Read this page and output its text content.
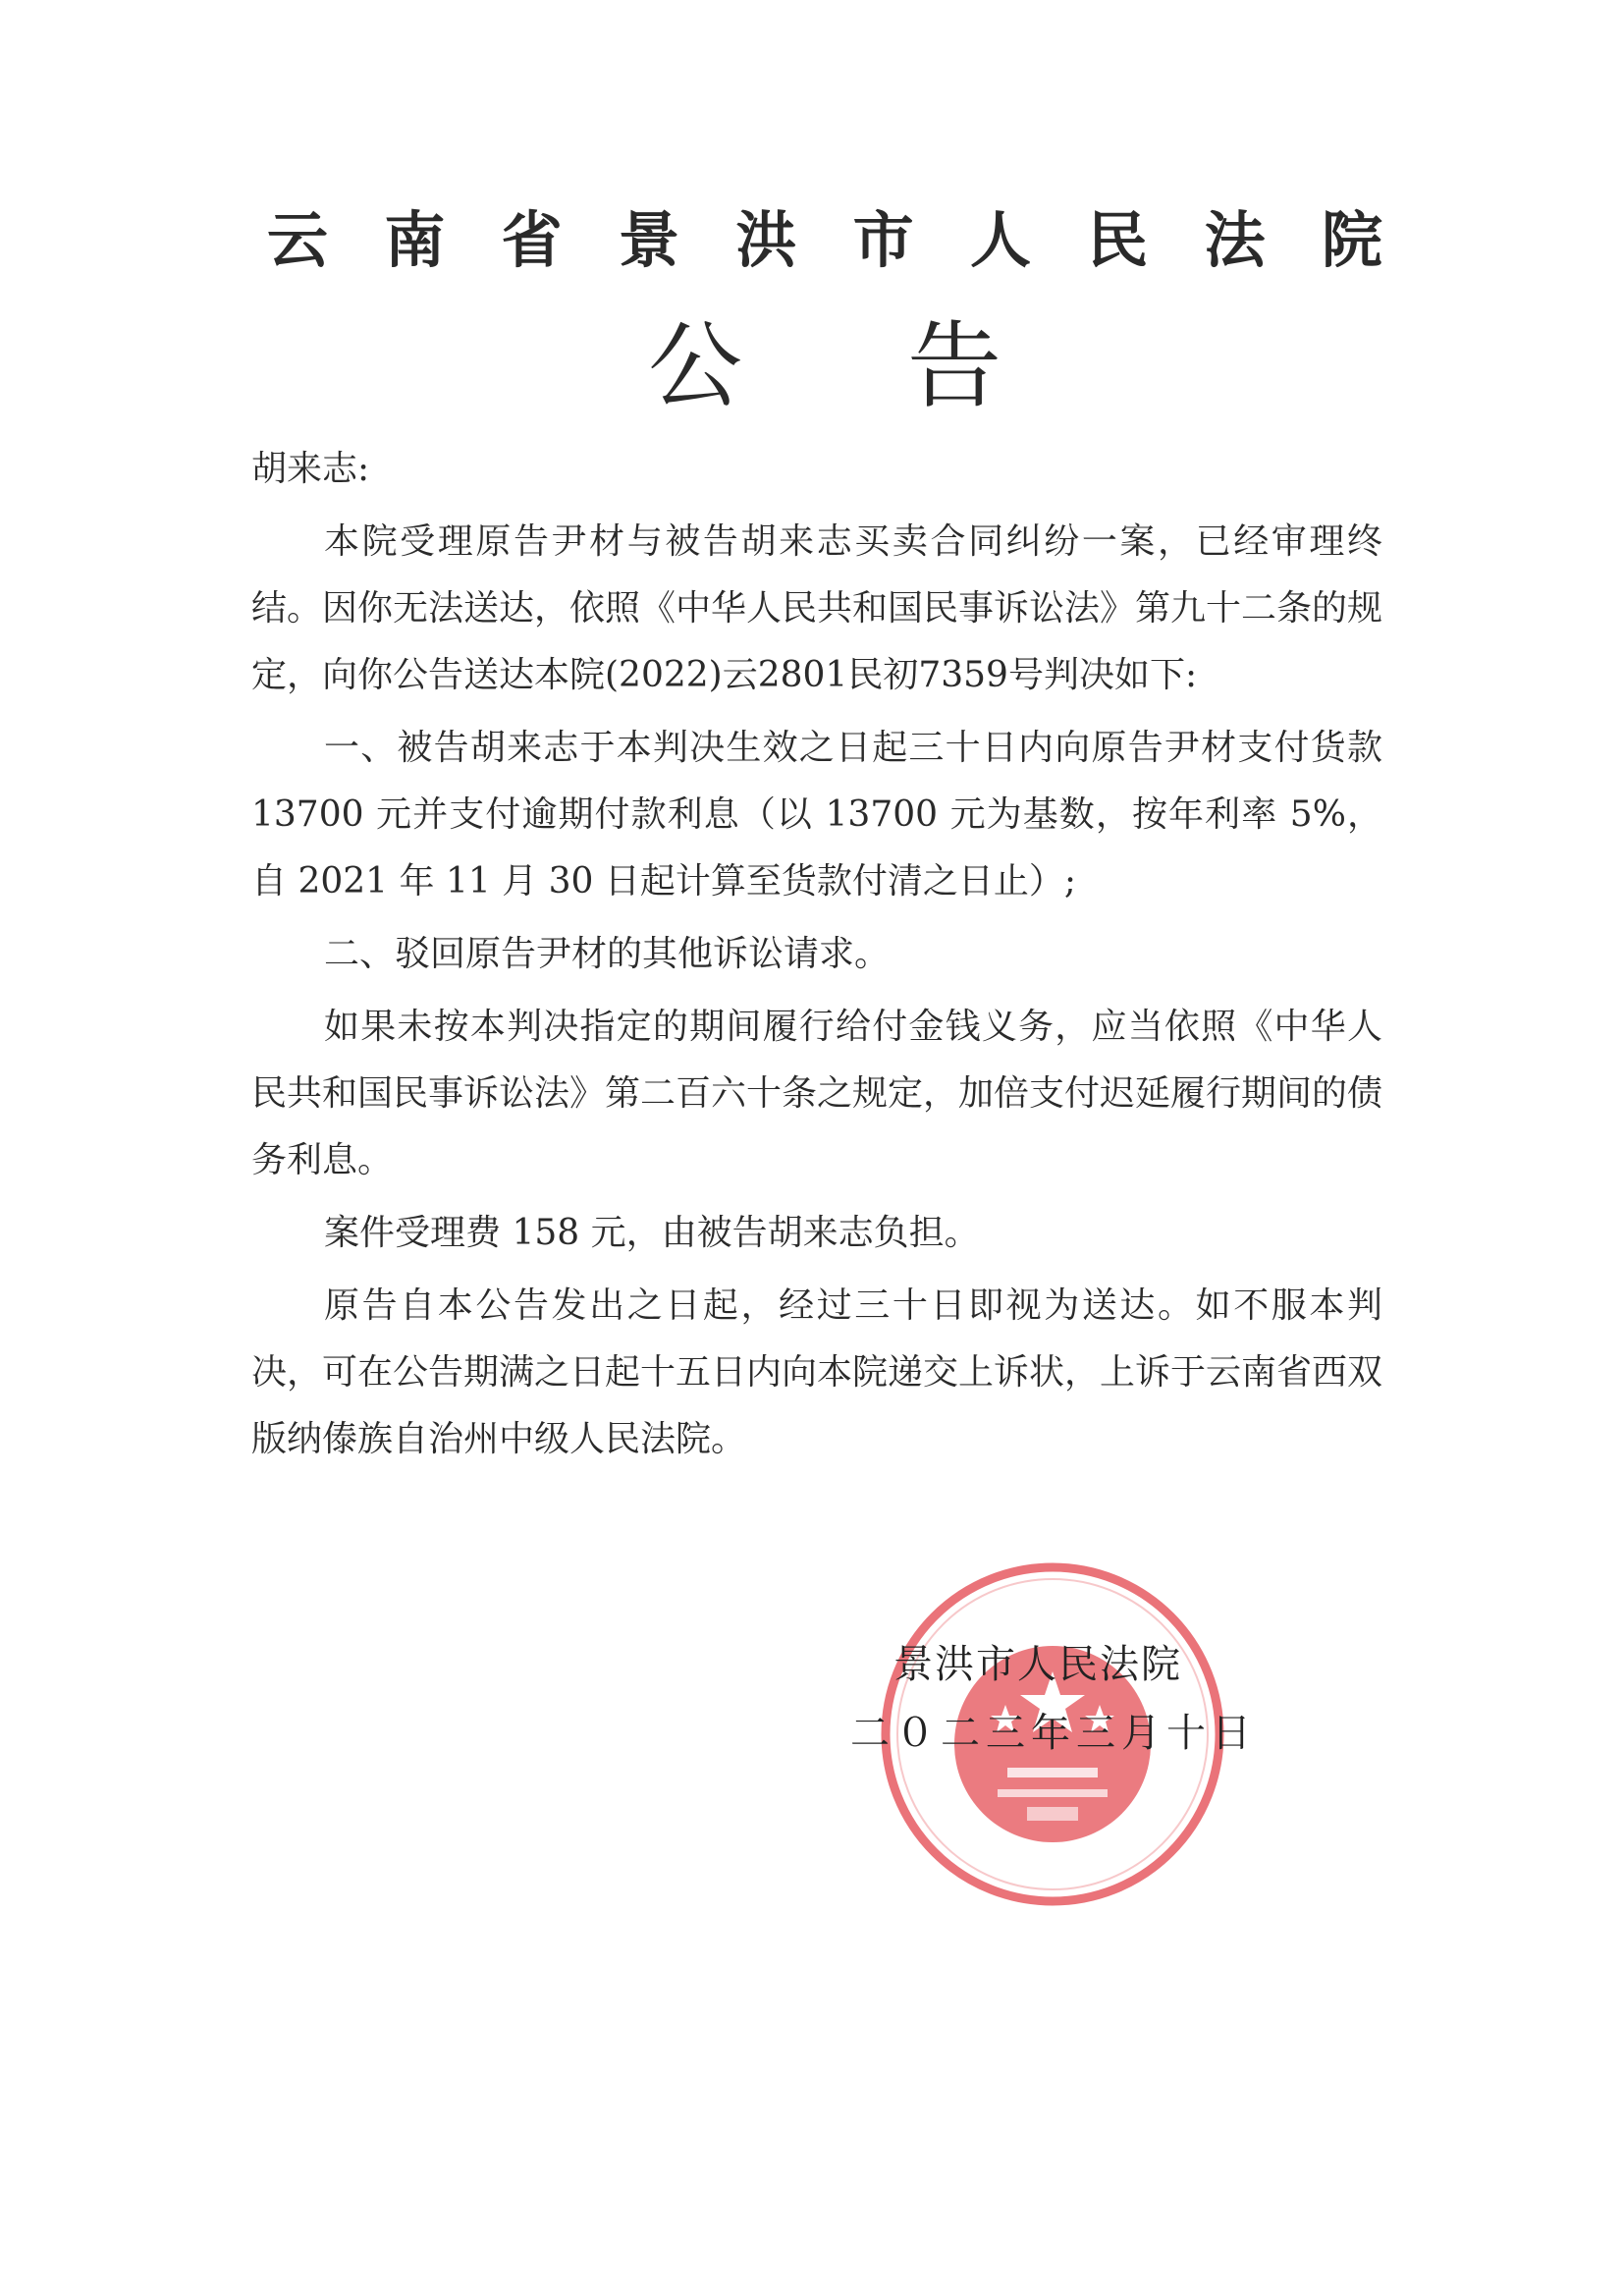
云 南 省 景 洪 市 人 民 法 院
公 告

胡来志:

本院受理原告尹材与被告胡来志买卖合同纠纷一案，已经审理终结。因你无法送达，依照《中华人民共和国民事诉讼法》第九十二条的规定，向你公告送达本院(2022)云2801民初7359号判决如下:

一、被告胡来志于本判决生效之日起三十日内向原告尹材支付货款 13700 元并支付逾期付款利息（以 13700 元为基数，按年利率 5%，自 2021 年 11 月 30 日起计算至货款付清之日止）;

二、驳回原告尹材的其他诉讼请求。

如果未按本判决指定的期间履行给付金钱义务，应当依照《中华人民共和国民事诉讼法》第二百六十条之规定，加倍支付迟延履行期间的债务利息。

案件受理费 158 元，由被告胡来志负担。

原告自本公告发出之日起，经过三十日即视为送达。如不服本判决，可在公告期满之日起十五日内向本院递交上诉状，上诉于云南省西双版纳傣族自治州中级人民法院。

景洪市人民法院
二０二三年三月十日
